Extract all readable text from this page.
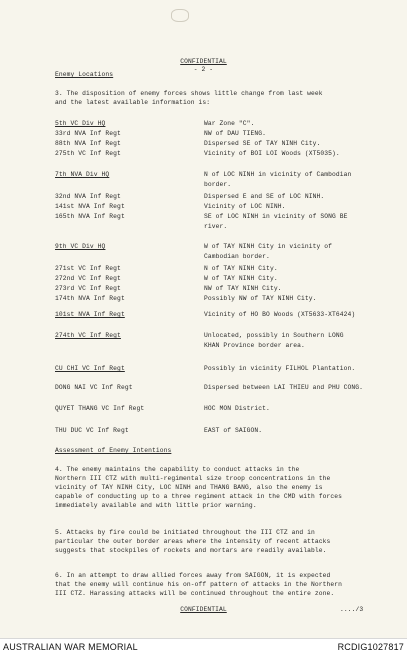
CONFIDENTIAL
- 2 -
Enemy Locations
3. The disposition of enemy forces shows little change from last week
and the latest available information is:
5th VC Div HQ	War Zone "C".
33rd NVA Inf Regt	NW of DAU TIENG.
88th NVA Inf Regt	Dispersed SE of TAY NINH City.
275th VC Inf Regt	Vicinity of BOI LOI Woods (XT5035).
7th NVA Div HQ	N of LOC NINH in vicinity of Cambodian
border.
32nd NVA Inf Regt	Dispersed E and SE of LOC NINH.
141st NVA Inf Regt	Vicinity of LOC NINH.
165th NVA Inf Regt	SE of LOC NINH in vicinity of SONG BE
river.
9th VC Div HQ	W of TAY NINH City in vicinity of
Cambodian border.
271st VC Inf Regt	N of TAY NINH City.
272nd VC Inf Regt	W of TAY NINH City.
273rd VC Inf Regt	NW of TAY NINH City.
174th NVA Inf Regt	Possibly NW of TAY NINH City.
101st NVA Inf Regt	Vicinity of HO BO Woods (XT5633-XT6424)
274th VC Inf Regt	Unlocated, possibly in Southern LONG
KHAN Province border area.
CU CHI VC Inf Regt	Possibly in vicinity FILHOL Plantation.
DONG NAI VC Inf Regt	Dispersed between LAI THIEU and PHU CONG.
QUYET THANG VC Inf Regt	HOC MON District.
THU DUC VC Inf Regt	EAST of SAIGON.
Assessment of Enemy Intentions
4. The enemy maintains the capability to conduct attacks in the
Northern III CTZ with multi-regimental size troop concentrations in the
vicinity of TAY NINH City, LOC NINH and THANG BANG, also the enemy is
capable of conducting up to a three regiment attack in the CMD with forces
immediately available and with little prior warning.
5. Attacks by fire could be initiated throughout the III CTZ and in
particular the outer border areas where the intensity of recent attacks
suggests that stockpiles of rockets and mortars are readily available.
6. In an attempt to draw allied forces away from SAIGON, it is expected
that the enemy will continue his on-off pattern of attacks in the Northern
III CTZ. Harassing attacks will be continued throughout the entire zone.
CONFIDENTIAL	..../3
AUSTRALIAN WAR MEMORIAL	RCDIG1027817
